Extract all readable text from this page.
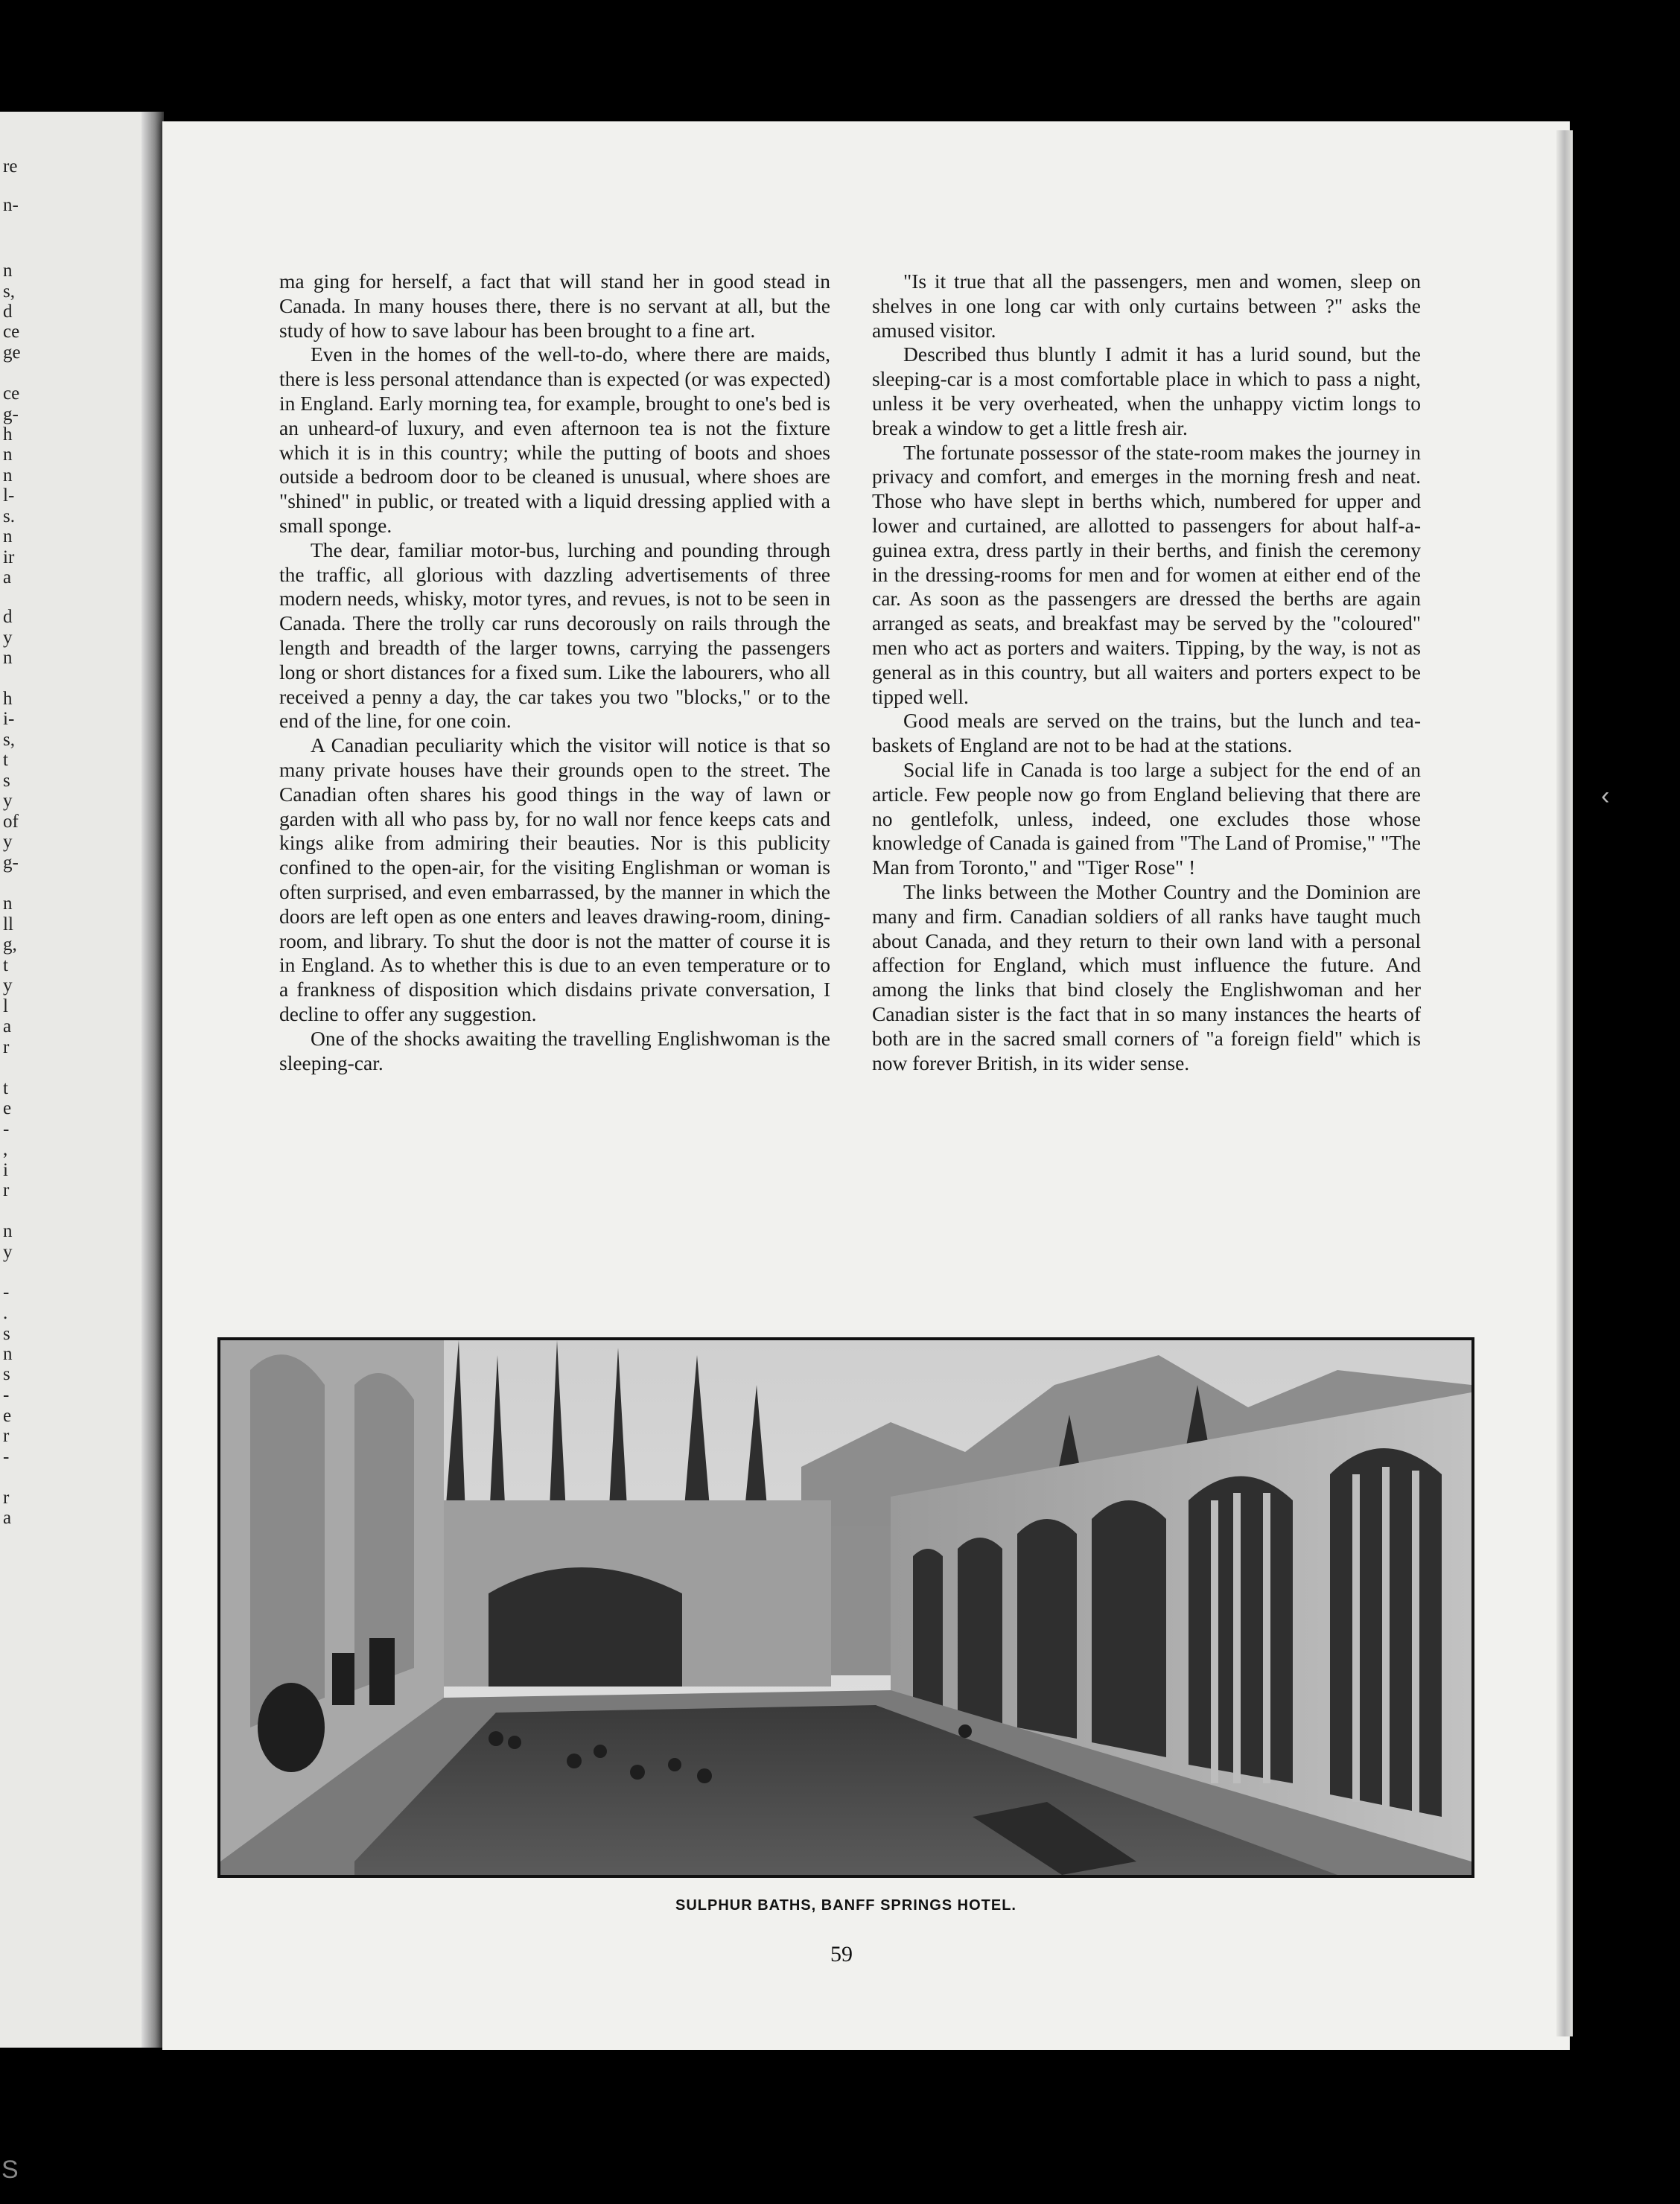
re
n-
n
s,
d
ce
ge
ce
g-
h
n
n
l-
s.
n
ir
a
d
y
n
h
i-
s,
t
s
y
of
y
g-
n
ll
g,
t
y
l
a
r
t
e
-
,
i
r
n
y
-
.
s
n
s
-
e
r
-
r
a

ma ging for herself, a fact that will stand her in good stead in Canada. In many houses there, there is no servant at all, but the study of how to save labour has been brought to a fine art.

Even in the homes of the well-to-do, where there are maids, there is less personal attendance than is expected (or was expected) in England. Early morning tea, for example, brought to one's bed is an unheard-of luxury, and even afternoon tea is not the fixture which it is in this country; while the putting of boots and shoes outside a bedroom door to be cleaned is unusual, where shoes are "shined" in public, or treated with a liquid dressing applied with a small sponge.

The dear, familiar motor-bus, lurching and pounding through the traffic, all glorious with dazzling advertisements of three modern needs, whisky, motor tyres, and revues, is not to be seen in Canada. There the trolly car runs decorously on rails through the length and breadth of the larger towns, carrying the passengers long or short distances for a fixed sum. Like the labourers, who all received a penny a day, the car takes you two "blocks," or to the end of the line, for one coin.

A Canadian peculiarity which the visitor will notice is that so many private houses have their grounds open to the street. The Canadian often shares his good things in the way of lawn or garden with all who pass by, for no wall nor fence keeps cats and kings alike from admiring their beauties. Nor is this publicity confined to the open-air, for the visiting Englishman or woman is often surprised, and even embarrassed, by the manner in which the doors are left open as one enters and leaves drawing-room, dining-room, and library. To shut the door is not the matter of course it is in England. As to whether this is due to an even temperature or to a frankness of disposition which disdains private conversation, I decline to offer any suggestion.

One of the shocks awaiting the travelling Englishwoman is the sleeping-car.

"Is it true that all the passengers, men and women, sleep on shelves in one long car with only curtains between ?" asks the amused visitor.

Described thus bluntly I admit it has a lurid sound, but the sleeping-car is a most comfortable place in which to pass a night, unless it be very overheated, when the unhappy victim longs to break a window to get a little fresh air.

The fortunate possessor of the state-room makes the journey in privacy and comfort, and emerges in the morning fresh and neat. Those who have slept in berths which, numbered for upper and lower and curtained, are allotted to passengers for about half-a-guinea extra, dress partly in their berths, and finish the ceremony in the dressing-rooms for men and for women at either end of the car. As soon as the passengers are dressed the berths are again arranged as seats, and breakfast may be served by the "coloured" men who act as porters and waiters. Tipping, by the way, is not as general as in this country, but all waiters and porters expect to be tipped well.

Good meals are served on the trains, but the lunch and tea-baskets of England are not to be had at the stations.

Social life in Canada is too large a subject for the end of an article. Few people now go from England believing that there are no gentlefolk, unless, indeed, one excludes those whose knowledge of Canada is gained from "The Land of Promise," "The Man from Toronto," and "Tiger Rose" !

The links between the Mother Country and the Dominion are many and firm. Canadian soldiers of all ranks have taught much about Canada, and they return to their own land with a personal affection for England, which must influence the future. And among the links that bind closely the Englishwoman and her Canadian sister is the fact that in so many instances the hearts of both are in the sacred small corners of "a foreign field" which is now forever British, in its wider sense.

SULPHUR BATHS, BANFF SPRINGS HOTEL.
59
‹
S
